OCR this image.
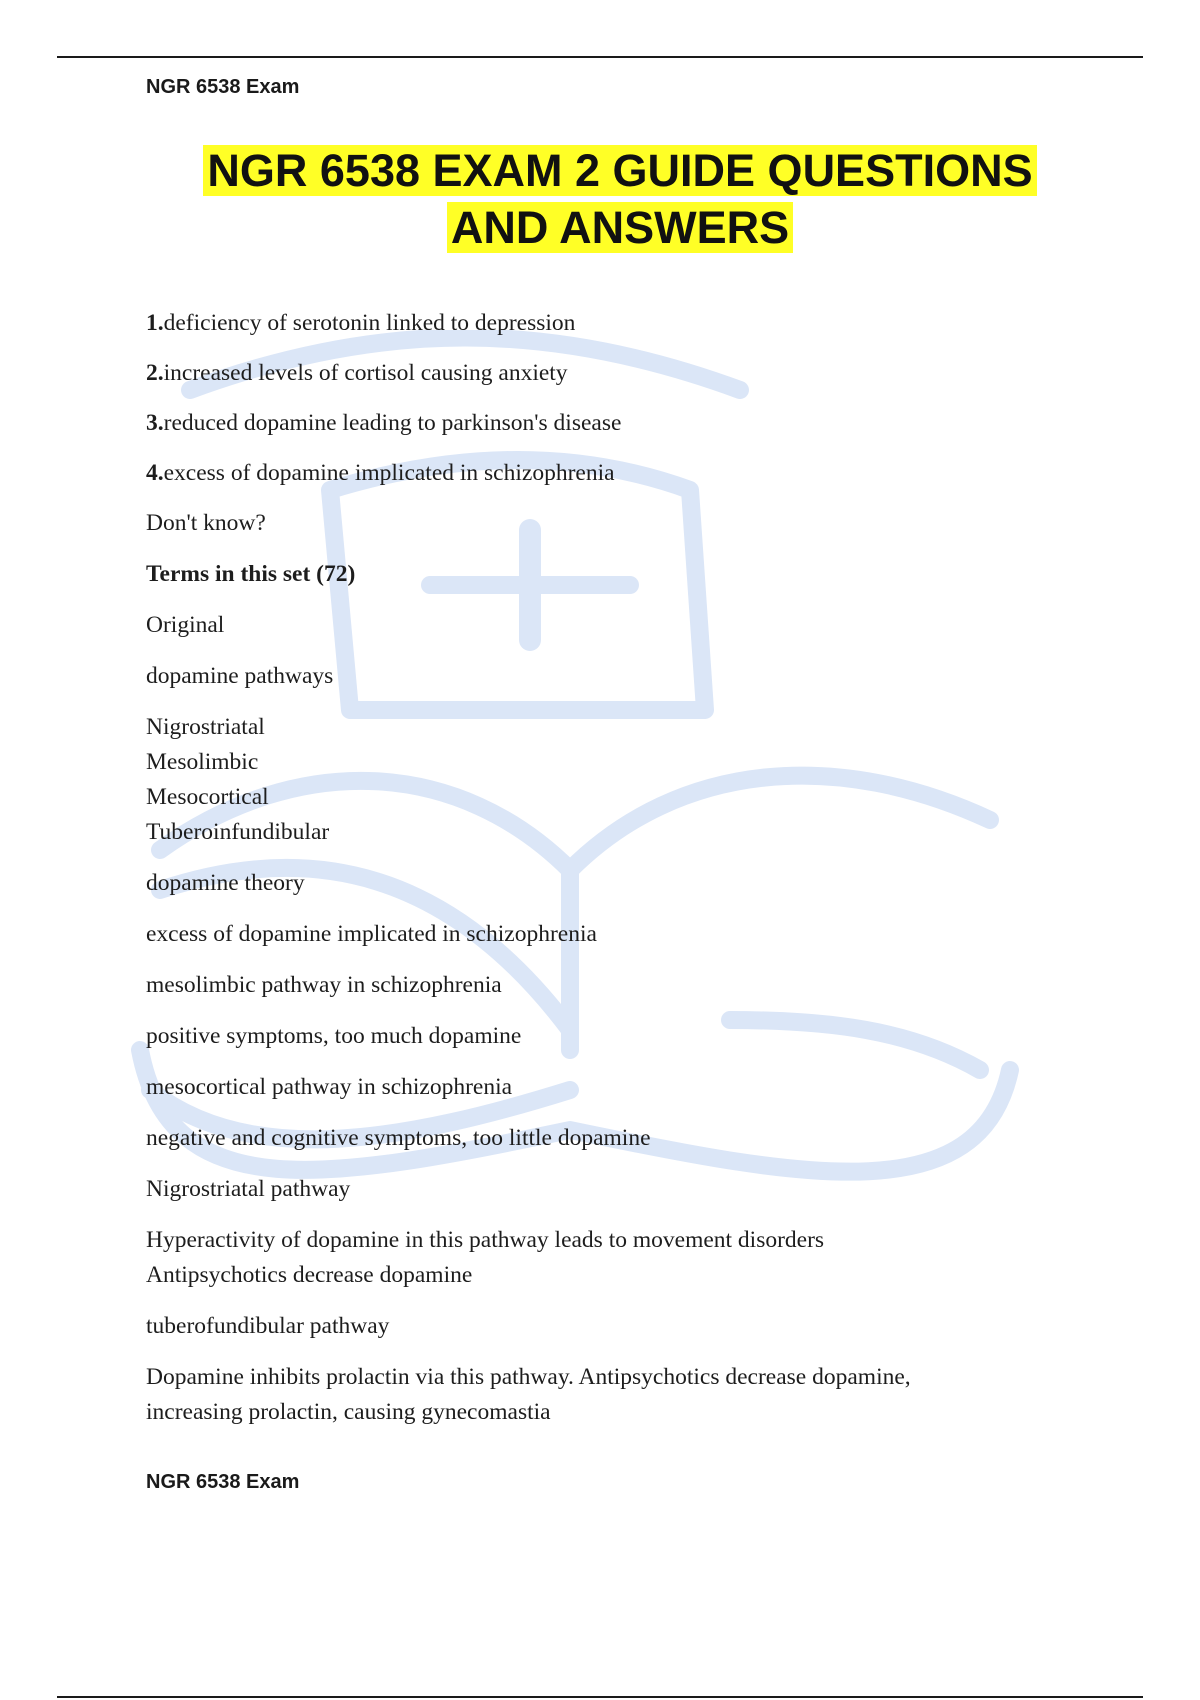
NGR 6538 Exam
NGR 6538 EXAM 2 GUIDE QUESTIONS
AND ANSWERS

1.deficiency of serotonin linked to depression

2.increased levels of cortisol causing anxiety

3.reduced dopamine leading to parkinson's disease

4.excess of dopamine implicated in schizophrenia

Don't know?

Terms in this set (72)

Original

dopamine pathways

Nigrostriatal
Mesolimbic
Mesocortical
Tuberoinfundibular

dopamine theory

excess of dopamine implicated in schizophrenia

mesolimbic pathway in schizophrenia

positive symptoms, too much dopamine

mesocortical pathway in schizophrenia

negative and cognitive symptoms, too little dopamine

Nigrostriatal pathway

Hyperactivity of dopamine in this pathway leads to movement disorders
Antipsychotics decrease dopamine

tuberofundibular pathway

Dopamine inhibits prolactin via this pathway. Antipsychotics decrease dopamine,
increasing prolactin, causing gynecomastia

NGR 6538 Exam
